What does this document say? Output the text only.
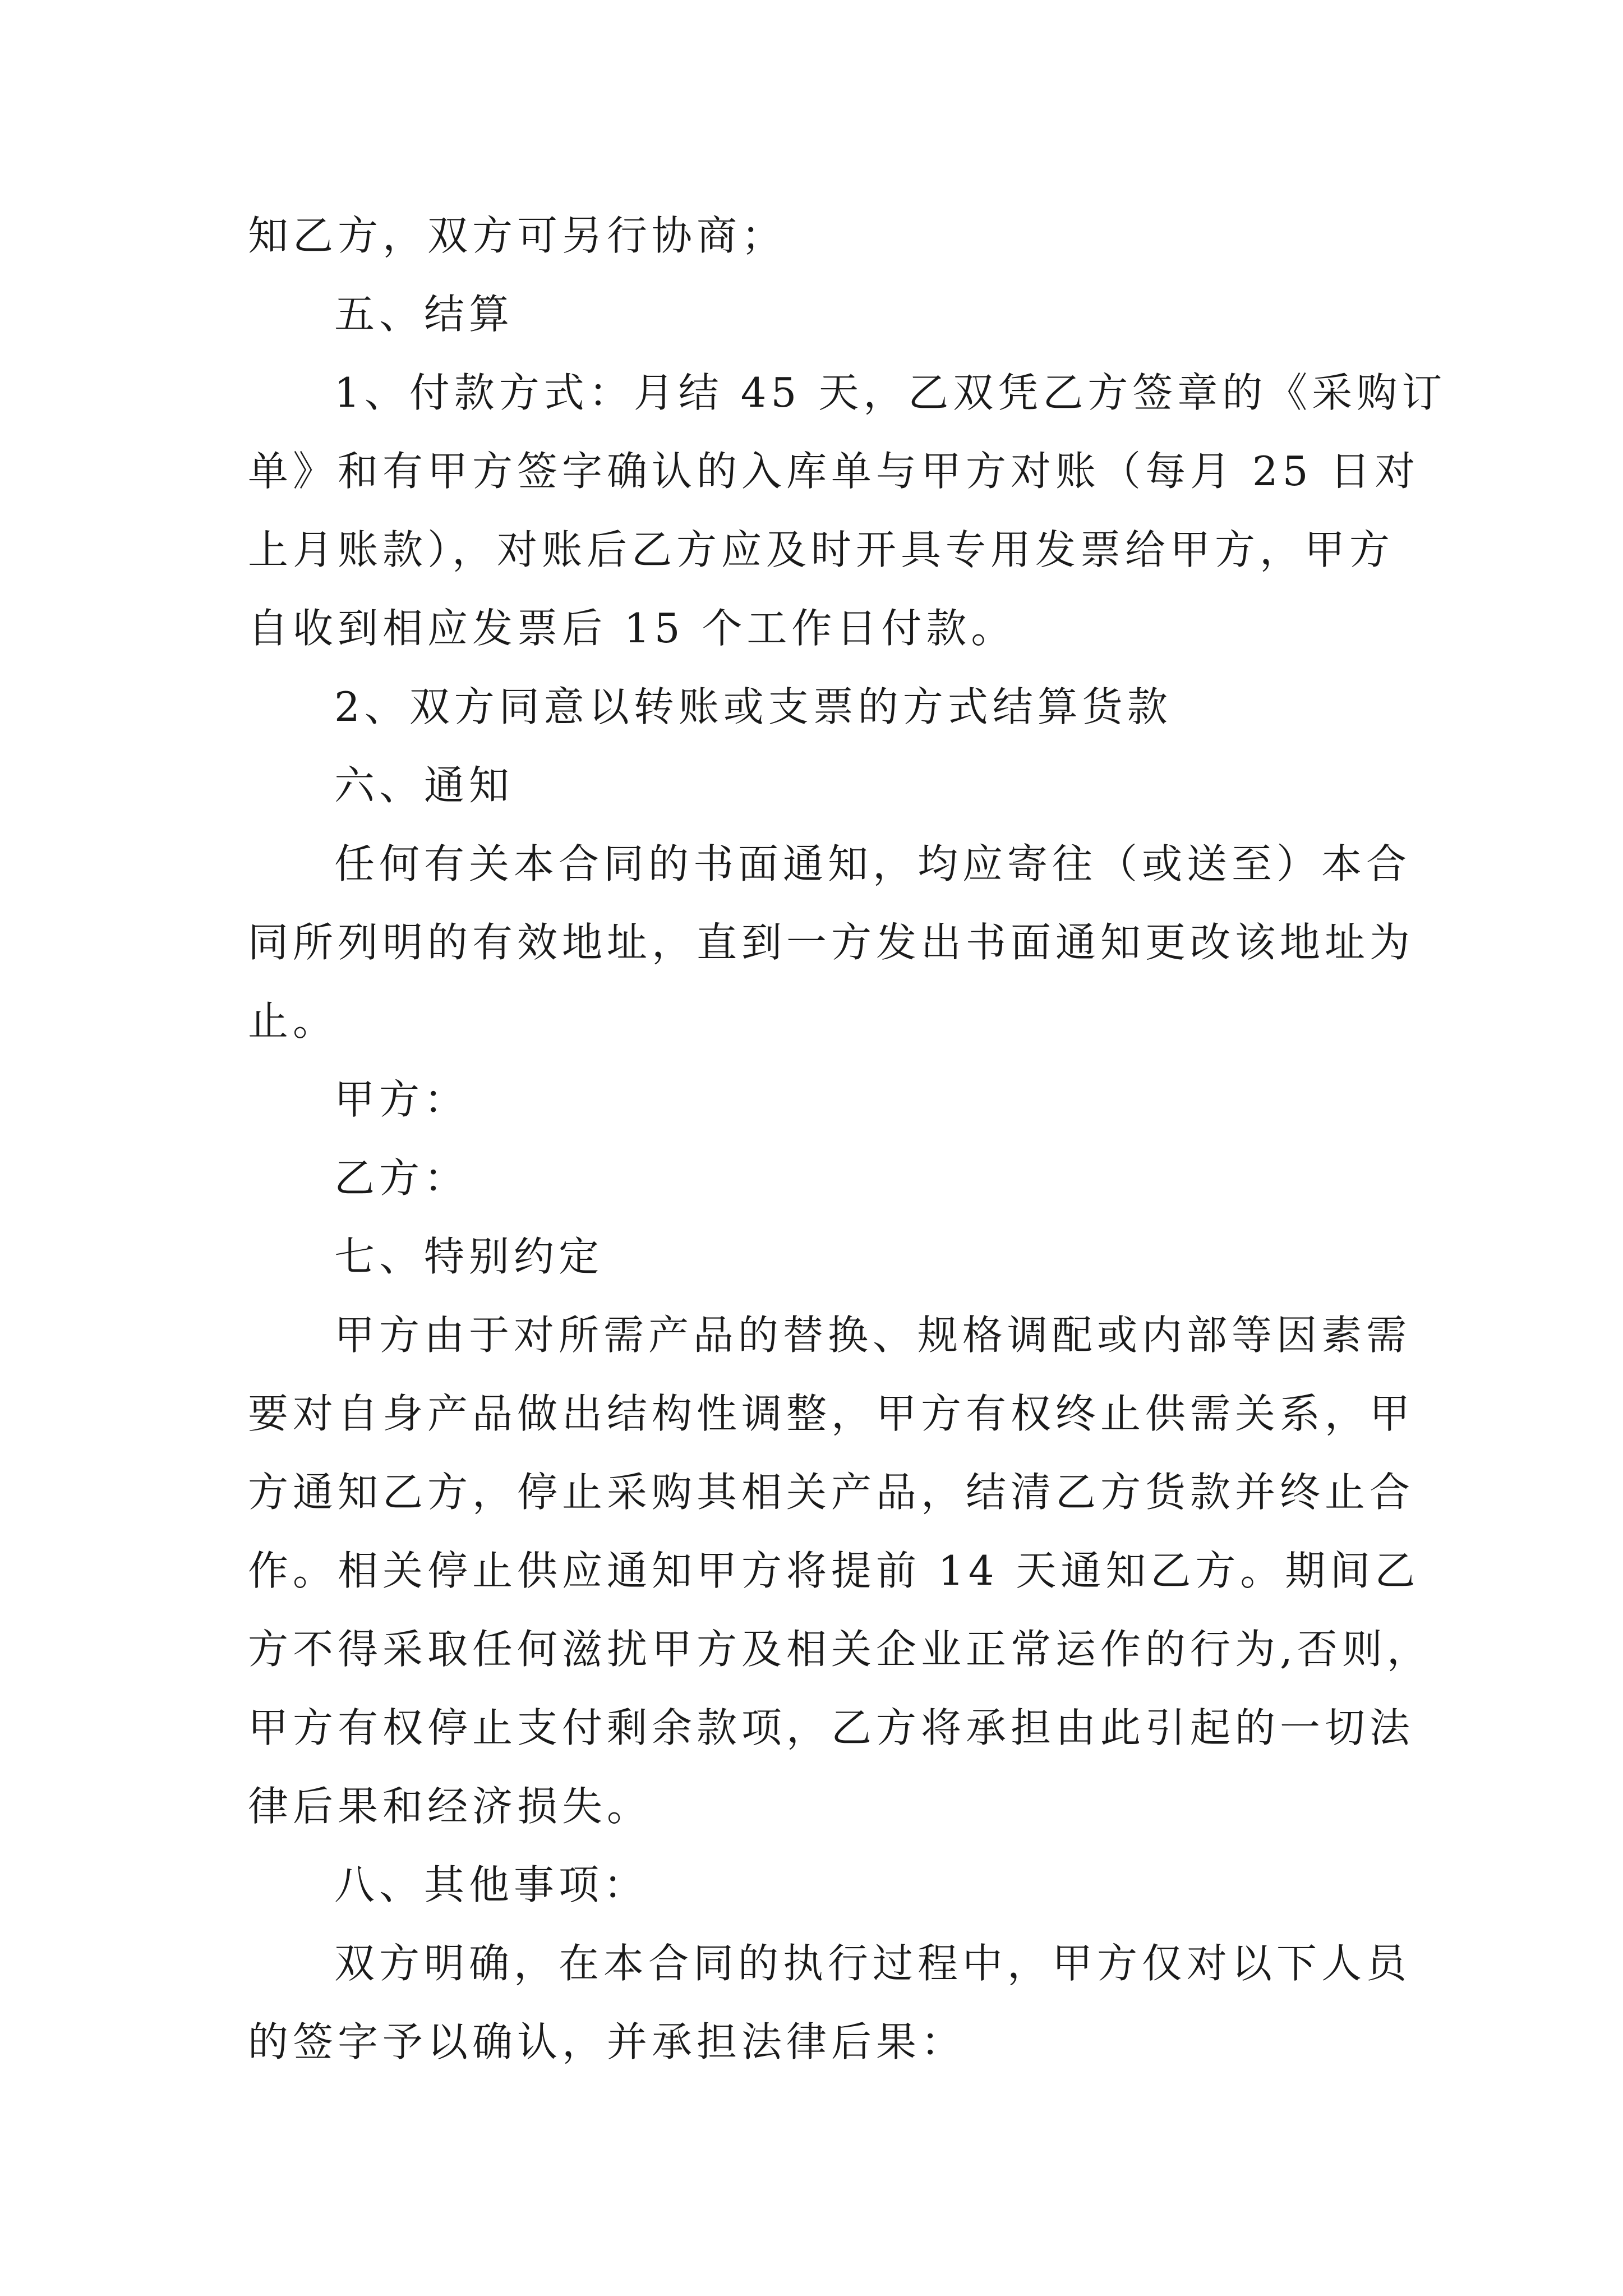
知乙方，双方可另行协商；
五、结算
1、付款方式：月结 45 天，乙双凭乙方签章的《采购订
单》和有甲方签字确认的入库单与甲方对账（每月 25 日对
上月账款），对账后乙方应及时开具专用发票给甲方，甲方
自收到相应发票后 15 个工作日付款。
2、双方同意以转账或支票的方式结算货款
六、通知
任何有关本合同的书面通知，均应寄往（或送至）本合
同所列明的有效地址，直到一方发出书面通知更改该地址为
止。
甲方：
乙方：
七、特别约定
甲方由于对所需产品的替换、规格调配或内部等因素需
要对自身产品做出结构性调整，甲方有权终止供需关系，甲
方通知乙方，停止采购其相关产品，结清乙方货款并终止合
作。相关停止供应通知甲方将提前 14 天通知乙方。期间乙
方不得采取任何滋扰甲方及相关企业正常运作的行为,否则，
甲方有权停止支付剩余款项，乙方将承担由此引起的一切法
律后果和经济损失。
八、其他事项：
双方明确，在本合同的执行过程中，甲方仅对以下人员
的签字予以确认，并承担法律后果：
